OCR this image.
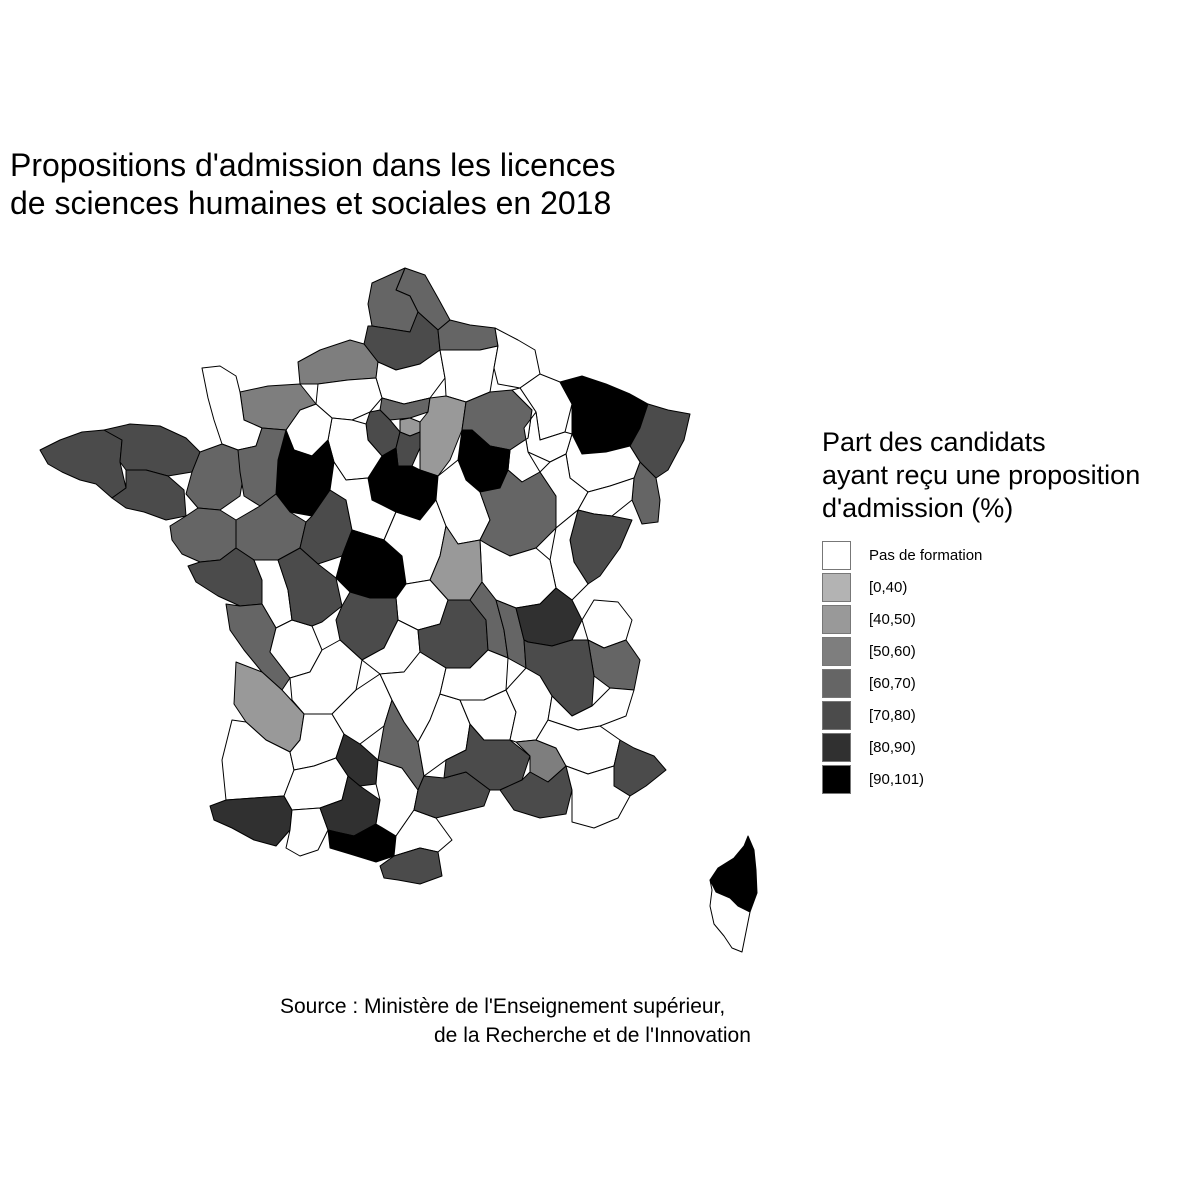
Propositions d'admission dans les licences
de sciences humaines et sociales en 2018
Part des candidats
ayant reçu une proposition
d'admission (%)
Pas de formation
[0,40)
[40,50)
[50,60)
[60,70)
[70,80)
[80,90)
[90,101)
Source : Ministère de l'Enseignement supérieur,
de la Recherche et de l'Innovation
